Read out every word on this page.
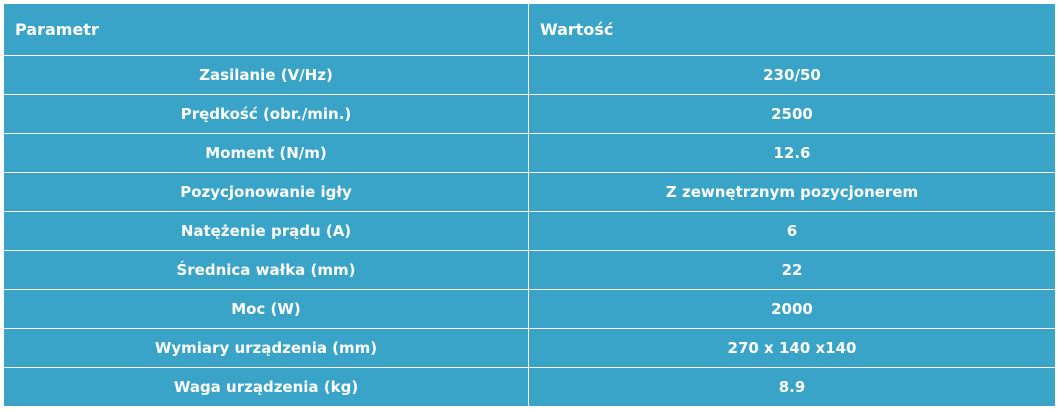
Parametr	Wartość
Zasilanie (V/Hz)	230/50
Prędkość (obr./min.)	2500
Moment (N/m)	12.6
Pozycjonowanie igły	Z zewnętrznym pozycjonerem
Natężenie prądu (A)	6
Średnica wałka (mm)	22
Moc (W)	2000
Wymiary urządzenia (mm)	270 x 140 x140
Waga urządzenia (kg)	8.9
